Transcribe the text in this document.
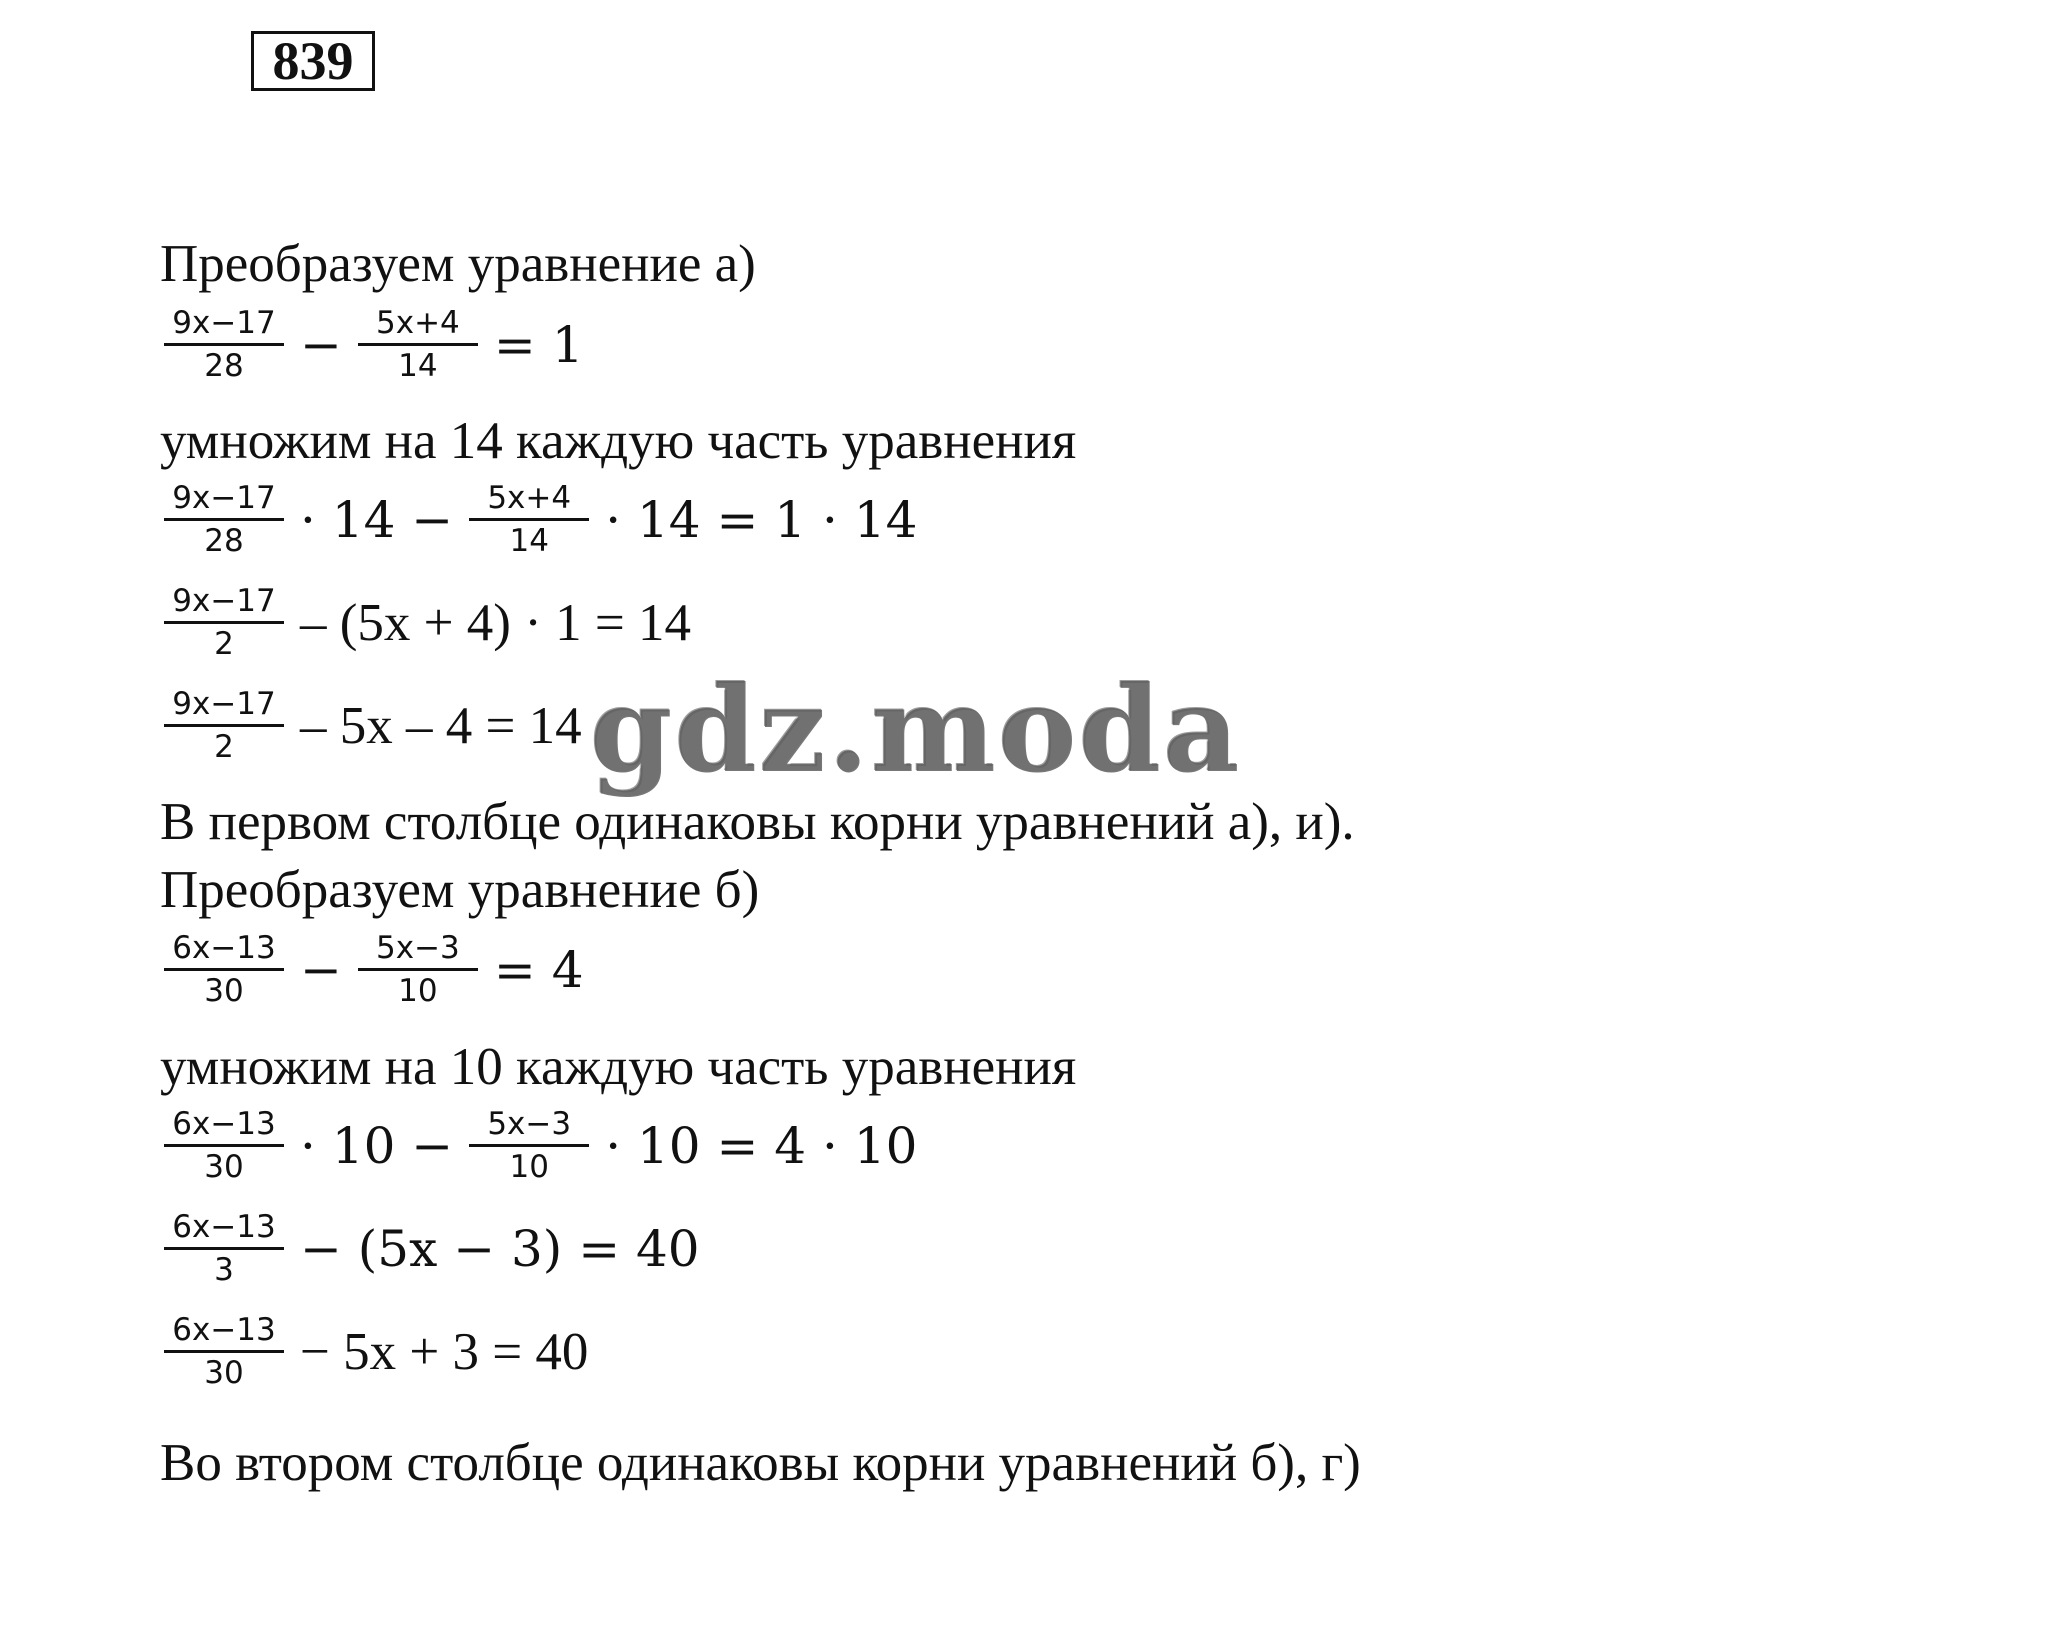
839
Преобразуем уравнение а)
$\frac{9x-17}{28} - \frac{5x+4}{14} = 1$
умножим на 14 каждую часть уравнения
$\frac{9x-17}{28} \cdot 14 - \frac{5x+4}{14} \cdot 14 = 1 \cdot 14$
$\frac{9x-17}{2} - (5x + 4) \cdot 1 = 14$
$\frac{9x-17}{2} - 5x - 4 = 14$
В первом столбце одинаковы корни уравнений а), и).
Преобразуем уравнение б)
$\frac{6x-13}{30} - \frac{5x-3}{10} = 4$
умножим на 10 каждую часть уравнения
$\frac{6x-13}{30} \cdot 10 - \frac{5x-3}{10} \cdot 10 = 4 \cdot 10$
$\frac{6x-13}{3} - (5x - 3) = 40$
$\frac{6x-13}{30} - 5x + 3 = 40$
Во втором столбце одинаковы корни уравнений б), г)
gdz.moda
